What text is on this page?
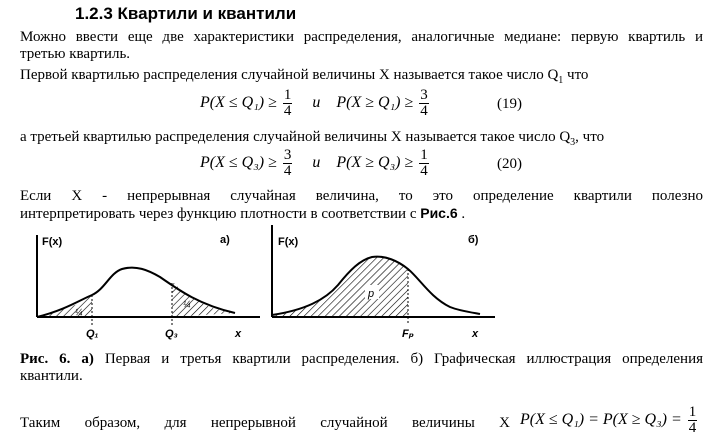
1.2.3 Квартили и квантили
Можно ввести еще две характеристики распределения, аналогичные медиане: первую квартиль и
третью квартиль.
Первой квартилью распределения случайной величины X называется такое число $Q_1$ что
$P(X \le Q_1) \ge \frac{1}{4}$ и $P(X \ge Q_1) \ge \frac{3}{4}$	(19)
а третьей квартилью распределения случайной величины X называется такое число $Q_3$, что
$P(X \le Q_3) \ge \frac{3}{4}$ и $P(X \ge Q_3) \ge \frac{1}{4}$	(20)
Если X - непрерывная случайная величина, то это определение квартили полезно
интерпретировать через функцию плотности в соответствии с Рис.6 .
F(x)	а)
¼
¼
Q₁	Q₃	x
p
F(x)	б)
Fₚ	x
Рис. 6. а) Первая и третья квартили распределения. б) Графическая иллюстрация определения
квантили.
Таким образом, для непрерывной случайной величины X $P(X \le Q_1) = P(X \ge Q_3) = \frac{1}{4}$
